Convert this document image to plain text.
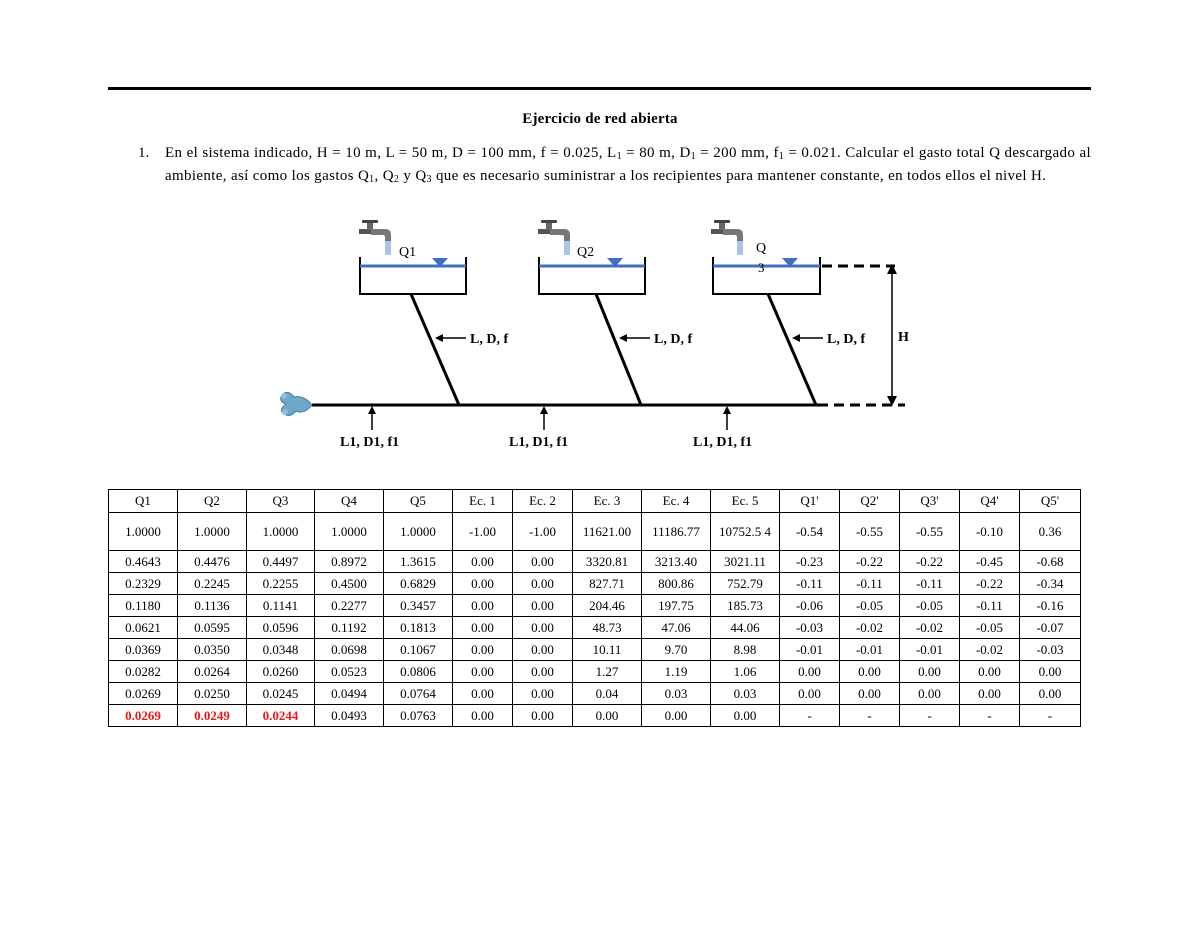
Ejercicio de red abierta
1. En el sistema indicado, H = 10 m, L = 50 m, D = 100 mm, f = 0.025, $L_1 = 80$ m, $D_1 = 200$ mm, $f_1 = 0.021$. Calcular el gasto total Q descargado al ambiente, así como los gastos $Q_1$, $Q_2$ y $Q_3$ que es necesario suministrar a los recipientes para mantener constante, en todos ellos el nivel H.
Q1	Q2	Q
3
H
L, D, f	L, D, f	L, D, f
L1, D1, f1	L1, D1, f1	L1, D1, f1
Q1	Q2	Q3	Q4	Q5	Ec. 1	Ec. 2	Ec. 3	Ec. 4	Ec. 5	Q1'	Q2'	Q3'	Q4'	Q5'
1.0000	1.0000	1.0000	1.0000	1.0000	-1.00	-1.00	11621.00	11186.77	10752.5 4	-0.54	-0.55	-0.55	-0.10	0.36
0.4643	0.4476	0.4497	0.8972	1.3615	0.00	0.00	3320.81	3213.40	3021.11	-0.23	-0.22	-0.22	-0.45	-0.68
0.2329	0.2245	0.2255	0.4500	0.6829	0.00	0.00	827.71	800.86	752.79	-0.11	-0.11	-0.11	-0.22	-0.34
0.1180	0.1136	0.1141	0.2277	0.3457	0.00	0.00	204.46	197.75	185.73	-0.06	-0.05	-0.05	-0.11	-0.16
0.0621	0.0595	0.0596	0.1192	0.1813	0.00	0.00	48.73	47.06	44.06	-0.03	-0.02	-0.02	-0.05	-0.07
0.0369	0.0350	0.0348	0.0698	0.1067	0.00	0.00	10.11	9.70	8.98	-0.01	-0.01	-0.01	-0.02	-0.03
0.0282	0.0264	0.0260	0.0523	0.0806	0.00	0.00	1.27	1.19	1.06	0.00	0.00	0.00	0.00	0.00
0.0269	0.0250	0.0245	0.0494	0.0764	0.00	0.00	0.04	0.03	0.03	0.00	0.00	0.00	0.00	0.00
0.0269	0.0249	0.0244	0.0493	0.0763	0.00	0.00	0.00	0.00	0.00	-	-	-	-	-
